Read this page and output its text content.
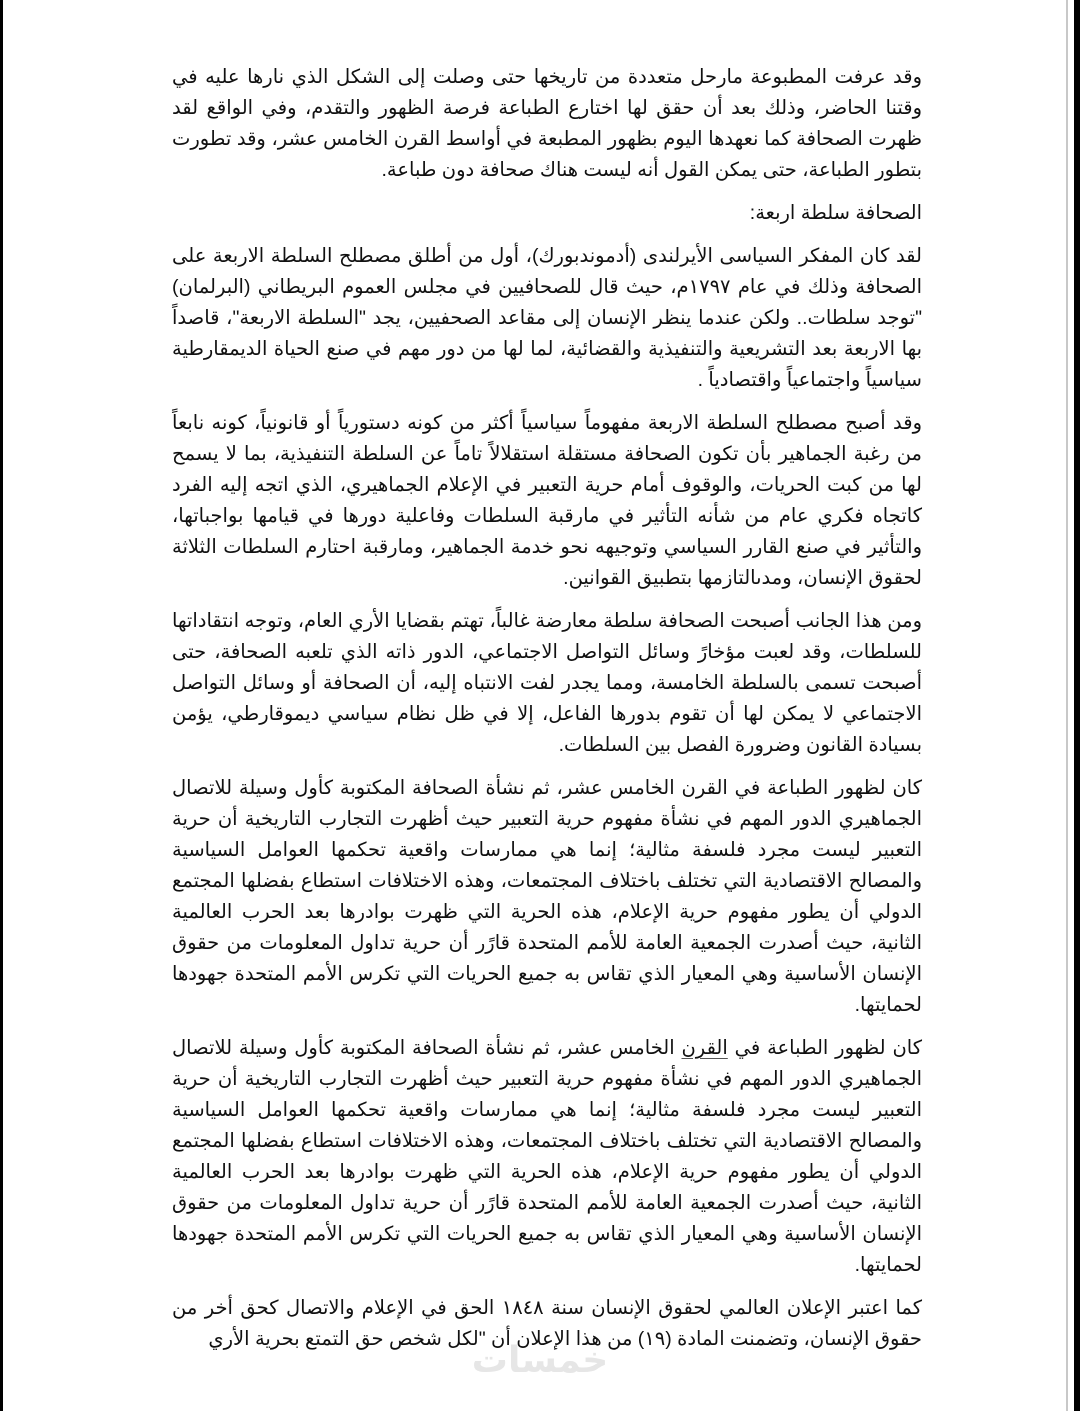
وقد عرفت المطبوعة مارحل متعددة من تاريخها حتى وصلت إلى الشكل الذي نارها عليه في وقتنا الحاضر، وذلك بعد أن حقق لها اختارع الطباعة فرصة الظهور والتقدم، وفي الواقع لقد ظهرت الصحافة كما نعهدها اليوم بظهور المطبعة في أواسط القرن الخامس عشر، وقد تطورت بتطور الطباعة، حتى يمكن القول أنه ليست هناك صحافة دون طباعة.

الصحافة سلطة اربعة:

لقد كان المفكر السياسى الأيرلندى (أدموندبورك)، أول من أطلق مصطلح السلطة الاربعة على الصحافة وذلك في عام ١٧٩٧م، حيث قال للصحافيين في مجلس العموم البريطاني (البرلمان) "توجد سلطات.. ولكن عندما ينظر الإنسان إلى مقاعد الصحفيين، يجد "السلطة الاربعة"، قاصداً بها الاربعة بعد التشريعية والتنفيذية والقضائية، لما لها من دور مهم في صنع الحياة الديمقارطية سياسياً واجتماعياً واقتصادياً .

وقد أصبح مصطلح السلطة الاربعة مفهوماً سياسياً أكثر من كونه دستورياً أو قانونياً، كونه نابعاً من رغبة الجماهير بأن تكون الصحافة مستقلة استقلالاً تاماً عن السلطة التنفيذية، بما لا يسمح لها من كبت الحريات، والوقوف أمام حرية التعبير في الإعلام الجماهيري، الذي اتجه إليه الفرد كاتجاه فكري عام من شأنه التأثير في مارقبة السلطات وفاعلية دورها في قيامها بواجباتها، والتأثير في صنع القارر السياسي وتوجيهه نحو خدمة الجماهير، ومارقبة احتارم السلطات الثلاثة لحقوق الإنسان، ومدىالتازمها بتطبيق القوانين.

ومن هذا الجانب أصبحت الصحافة سلطة معارضة غالباً، تهتم بقضايا الأري العام، وتوجه انتقاداتها للسلطات، وقد لعبت مؤخارً وسائل التواصل الاجتماعي، الدور ذاته الذي تلعبه الصحافة، حتى أصبحت تسمى بالسلطة الخامسة، ومما يجدر لفت الانتباه إليه، أن الصحافة أو وسائل التواصل الاجتماعي لا يمكن لها أن تقوم بدورها الفاعل، إلا في ظل نظام سياسي ديموقارطي، يؤمن بسيادة القانون وضرورة الفصل بين السلطات.

كان لظهور الطباعة في القرن الخامس عشر، ثم نشأة الصحافة المكتوبة كأول وسيلة للاتصال الجماهيري الدور المهم في نشأة مفهوم حرية التعبير حيث أظهرت التجارب التاريخية أن حرية التعبير ليست مجرد فلسفة مثالية؛ إنما هي ممارسات واقعية تحكمها العوامل السياسية والمصالح الاقتصادية التي تختلف باختلاف المجتمعات، وهذه الاختلافات استطاع بفضلها المجتمع الدولي أن يطور مفهوم حرية الإعلام، هذه الحرية التي ظهرت بوادرها بعد الحرب العالمية الثانية، حيث أصدرت الجمعية العامة للأمم المتحدة قارًر أن حرية تداول المعلومات من حقوق الإنسان الأساسية وهي المعيار الذي تقاس به جميع الحريات التي تكرس الأمم المتحدة جهودها لحمايتها.

كان لظهور الطباعة في القرن الخامس عشر، ثم نشأة الصحافة المكتوبة كأول وسيلة للاتصال الجماهيري الدور المهم في نشأة مفهوم حرية التعبير حيث أظهرت التجارب التاريخية أن حرية التعبير ليست مجرد فلسفة مثالية؛ إنما هي ممارسات واقعية تحكمها العوامل السياسية والمصالح الاقتصادية التي تختلف باختلاف المجتمعات، وهذه الاختلافات استطاع بفضلها المجتمع الدولي أن يطور مفهوم حرية الإعلام، هذه الحرية التي ظهرت بوادرها بعد الحرب العالمية الثانية، حيث أصدرت الجمعية العامة للأمم المتحدة قارًر أن حرية تداول المعلومات من حقوق الإنسان الأساسية وهي المعيار الذي تقاس به جميع الحريات التي تكرس الأمم المتحدة جهودها لحمايتها.

كما اعتبر الإعلان العالمي لحقوق الإنسان سنة ١٨٤٨ الحق في الإعلام والاتصال كحق أخر من حقوق الإنسان، وتضمنت المادة (١٩) من هذا الإعلان أن "لكل شخص حق التمتع بحرية الأري

خمسات
